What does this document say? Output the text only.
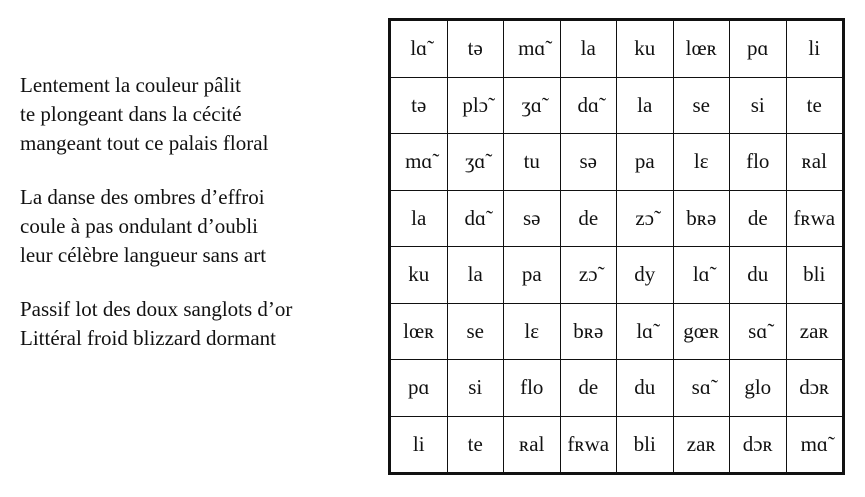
Lentement la couleur pâlit
te plongeant dans la cécité
mangeant tout ce palais floral
La danse des ombres d’effroi
coule à pas ondulant d’oubli
leur célèbre langueur sans art
Passif lot des doux sanglots d’or
Littéral froid blizzard dormant
lɑ̃	tə	mɑ̃	la	ku	lœʀ	pɑ	li
tə	plɔ̃	ʒɑ̃	dɑ̃	la	se	si	te
mɑ̃	ʒɑ̃	tu	sə	pa	lɛ	flo	ʀal
la	dɑ̃	sə	de	zɔ̃	bʀə	de	fʀwa
ku	la	pa	zɔ̃	dy	lɑ̃	du	bli
lœʀ	se	lɛ	bʀə	lɑ̃	gœʀ	sɑ̃	zaʀ
pɑ	si	flo	de	du	sɑ̃	glo	dɔʀ
li	te	ʀal	fʀwa	bli	zaʀ	dɔʀ	mɑ̃
